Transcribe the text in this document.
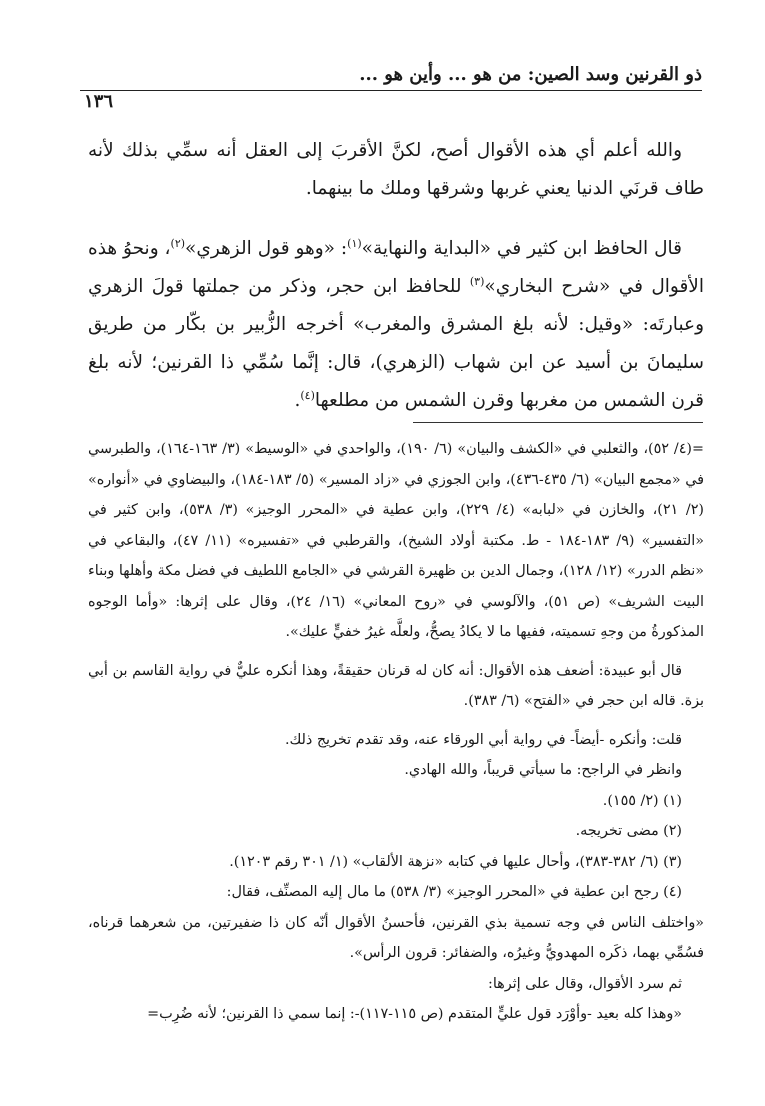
ذو القرنين وسد الصين: من هو ... وأين هو ...
١٣٦

والله أعلم أي هذه الأقوال أصح، لكنَّ الأقربَ إلى العقل أنه سمِّي بذلك لأنه طاف قرنَي الدنيا يعني غربها وشرقها وملك ما بينهما.

قال الحافظ ابن كثير في «البداية والنهاية»$^{(١)}$: «وهو قول الزهري»$^{(٢)}$، ونحوُ هذه الأقوال في «شرح البخاري»$^{(٣)}$ للحافظ ابن حجر، وذكر من جملتها قولَ الزهري وعبارتَه: «وقيل: لأنه بلغ المشرق والمغرب» أخرجه الزُّبير بن بكّار من طريق سليمانَ بن أسيد عن ابن شهاب (الزهري)، قال: إنَّما سُمِّي ذا القرنين؛ لأنه بلغ قرن الشمس من مغربها وقرن الشمس من مطلعها$^{(٤)}$.

=(٤/ ٥٢)، والثعلبي في «الكشف والبيان» (٦/ ١٩٠)، والواحدي في «الوسيط» (٣/ ١٦٣-١٦٤)، والطبرسي في «مجمع البيان» (٦/ ٤٣٥-٤٣٦)، وابن الجوزي في «زاد المسير» (٥/ ١٨٣-١٨٤)، والبيضاوي في «أنواره» (٢/ ٢١)، والخازن في «لبابه» (٤/ ٢٢٩)، وابن عطية في «المحرر الوجيز» (٣/ ٥٣٨)، وابن كثير في «التفسير» (٩/ ١٨٣-١٨٤ - ط. مكتبة أولاد الشيخ)، والقرطبي في «تفسيره» (١١/ ٤٧)، والبقاعي في «نظم الدرر» (١٢/ ١٢٨)، وجمال الدين بن ظهيرة القرشي في «الجامع اللطيف في فضل مكة وأهلها وبناء البيت الشريف» (ص ٥١)، والآلوسي في «روح المعاني» (١٦/ ٢٤)، وقال على إثرها: «وأما الوجوه المذكورةُ من وجهِ تسميته، ففيها ما لا يكادُ يصحُّ، ولعلَّه غيرُ خفيٍّ عليك».

قال أبو عبيدة: أضعف هذه الأقوال: أنه كان له قرنان حقيقةً، وهذا أنكره عليٌّ في رواية القاسم بن أبي بزة. قاله ابن حجر في «الفتح» (٦/ ٣٨٣).

قلت: وأنكره -أيضاً- في رواية أبي الورقاء عنه، وقد تقدم تخريج ذلك.

وانظر في الراجح: ما سيأتي قريباً، والله الهادي.

(١) (٢/ ١٥٥).

(٢) مضى تخريجه.

(٣) (٦/ ٣٨٢-٣٨٣)، وأحال عليها في كتابه «نزهة الألقاب» (١/ ٣٠١ رقم ١٢٠٣).

(٤) رجح ابن عطية في «المحرر الوجيز» (٣/ ٥٣٨) ما مال إليه المصنِّف، فقال:

«واختلف الناس في وجه تسمية بذي القرنين، فأحسنُ الأقوال أنّه كان ذا ضفيرتين، من شعرهما قرناه، فسُمِّي بهما، ذكَره المهدويُّ وغيرُه، والضفائر: قرون الرأس».

ثم سرد الأقوال، وقال على إثرها:

«وهذا كله بعيد -وأوْرَد قول عليٍّ المتقدم (ص ١١٥-١١٧)-: إنما سمي ذا القرنين؛ لأنه ضُرِب=
